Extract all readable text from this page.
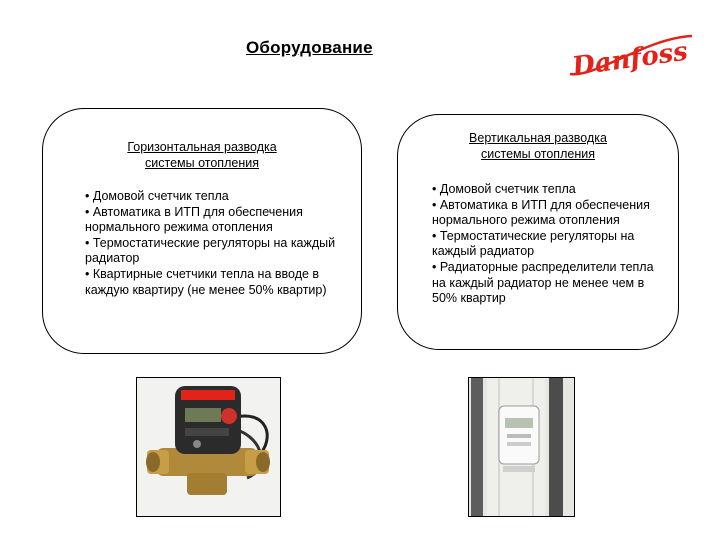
Оборудование	Danfoss
Горизонтальная разводка
системы отопления
• Домовой счетчик тепла
• Автоматика в ИТП для обеспечения нормального режима отопления
• Термостатические регуляторы на каждый радиатор
• Квартирные счетчики тепла на вводе в каждую квартиру (не менее 50% квартир)
Вертикальная разводка
системы отопления
• Домовой счетчик тепла
• Автоматика в ИТП для обеспечения нормального режима отопления
• Термостатические регуляторы на каждый радиатор
• Радиаторные распределители тепла на каждый радиатор не менее чем в 50% квартир
